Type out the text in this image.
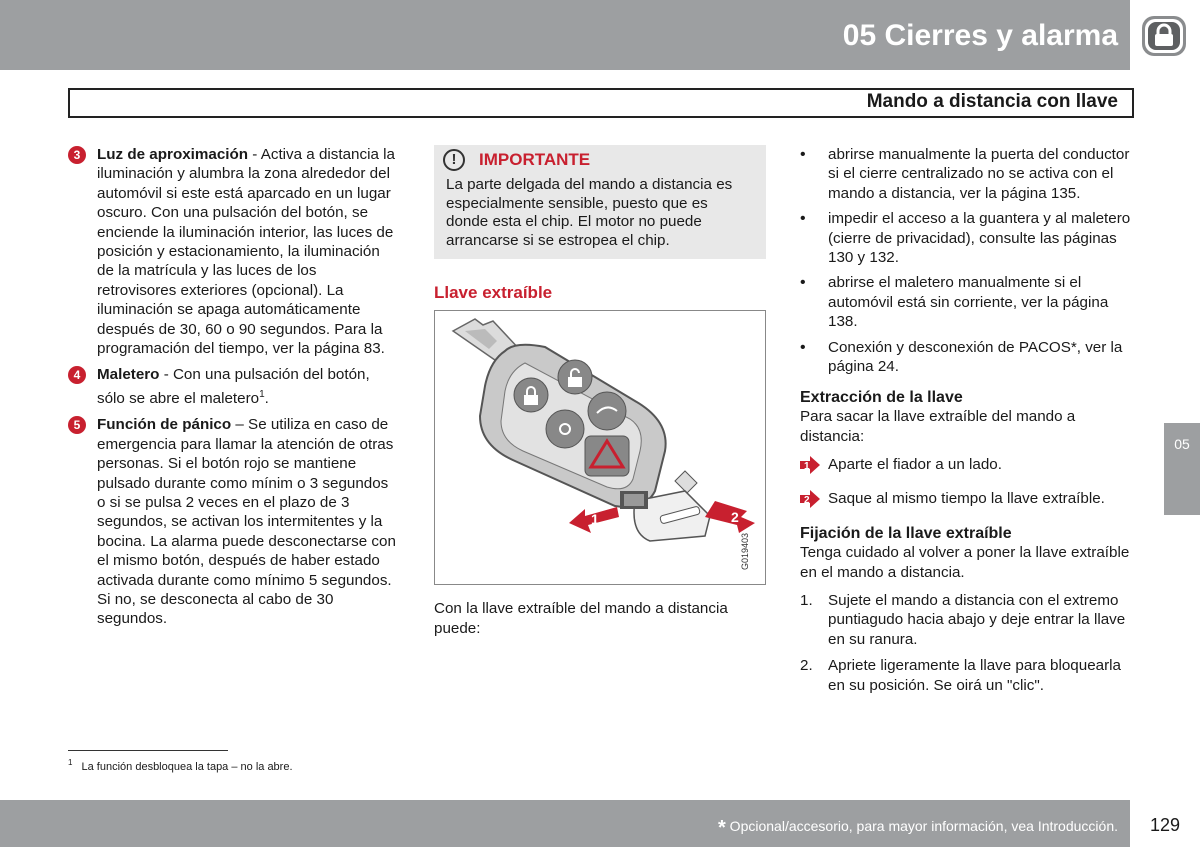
05 Cierres y alarma
Mando a distancia con llave
3	Luz de aproximación - Activa a distancia la iluminación y alumbra la zona alrededor del automóvil si este está aparcado en un lugar oscuro. Con una pulsación del botón, se enciende la iluminación interior, las luces de posición y estacionamiento, la iluminación de la matrícula y las luces de los retrovisores exteriores (opcional). La iluminación se apaga automáticamente después de 30, 60 o 90 segundos. Para la programación del tiempo, ver la página 83.
4	Maletero - Con una pulsación del botón, sólo se abre el maletero$^1$.
5	Función de pánico – Se utiliza en caso de emergencia para llamar la atención de otras personas. Si el botón rojo se mantiene pulsado durante como mínim o 3 segundos o si se pulsa 2 veces en el plazo de 3 segundos, se activan los intermitentes y la bocina. La alarma puede desconectarse con el mismo botón, después de haber estado activada durante como mínimo 5 segundos. Si no, se desconecta al cabo de 30 segundos.
!	IMPORTANTE
La parte delgada del mando a distancia es especialmente sensible, puesto que es donde esta el chip. El motor no puede arrancarse si se estropea el chip.
Llave extraíble
1	2
G019403
Con la llave extraíble del mando a distancia puede:
• abrirse manualmente la puerta del conductor si el cierre centralizado no se activa con el mando a distancia, ver la página 135.
• impedir el acceso a la guantera y al maletero (cierre de privacidad), consulte las páginas 130 y 132.
• abrirse el maletero manualmente si el automóvil está sin corriente, ver la página 138.
• Conexión y desconexión de PACOS*, ver la página 24.
Extracción de la llave

Para sacar la llave extraíble del mando a distancia:

1 Aparte el fiador a un lado.
2 Saque al mismo tiempo la llave extraíble.
Fijación de la llave extraíble

Tenga cuidado al volver a poner la llave extraíble en el mando a distancia.

1. Sujete el mando a distancia con el extremo puntiagudo hacia abajo y deje entrar la llave en su ranura.
2. Apriete ligeramente la llave para bloquearla en su posición. Se oirá un "clic".
05
$^1$ La función desbloquea la tapa – no la abre.
* Opcional/accesorio, para mayor información, vea Introducción.	129
